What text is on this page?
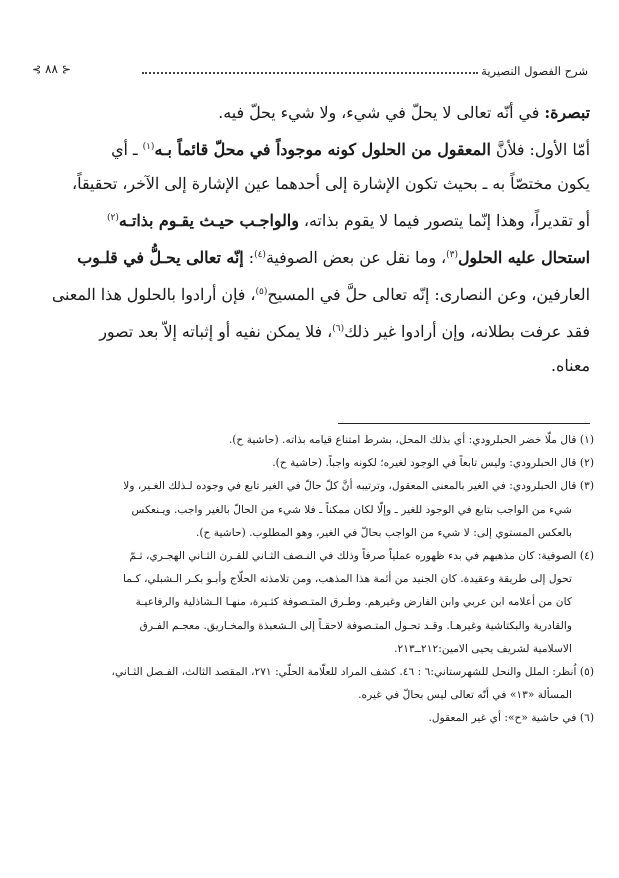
شرح الفصول النصيرية
⊰ ٨٨ ⊱
تبصرة: في أنّه تعالى لا يحلّ في شيء، ولا شيء يحلّ فيه.
أمّا الأول: فلأنَّ المعقول من الحلول كونه موجوداً في محلّ قائماً بـه$^{(١)}$ ـ أي
يكون مختصّاً به ـ بحيث تكون الإشارة إلى أحدهما عين الإشارة إلى الآخر، تحقيقاً،
أو تقديراً، وهذا إنّما يتصور فيما لا يقوم بذاته، والواجـب حيـث يقـوم بذاتـه$^{(٢)}$
استحال عليه الحلول$^{(٣)}$، وما نقل عن بعض الصوفية$^{(٤)}$: إنّه تعالى يحـلُّ في قلـوب
العارفين، وعن النصارى: إنّه تعالى حلَّ في المسيح$^{(٥)}$، فإن أرادوا بالحلول هذا المعنى
فقد عرفت بطلانه، وإن أرادوا غير ذلك$^{(٦)}$، فلا يمكن نفيه أو إثباته إلاّ بعد تصور
معناه.
(١) قال ملّا خضر الحبلرودي: أي بذلك المحل، بشرط امتناع قيامه بذاته. (حاشية ح).
(٢) قال الحبلرودي: وليس تابعاً في الوجود لغيره؛ لكونه واجباً. (حاشية ح).
(٣) قال الحبلرودي: في الغير بالمعنى المعقول، وترتيبه أنَّ كلّ حالّ في الغير تابع في وجوده لـذلك الغـير، ولا
شيء من الواجب بتابع في الوجود للغير ـ وإلّا لكان ممكناً ـ فلا شيء من الحالّ بالغير واجب. ويـنعكس
بالعكس المستوي إلى: لا شيء من الواجب بحالّ في الغير، وهو المطلوب. (حاشية ح).
(٤) الصوفية: كان مذهبهم في بدء ظهوره عملياً صرفاً وذلك في النـصف الثـاني للقـرن الثـاني الهجـري، ثـمّ
تحول إلى طريقة وعقيدة. كان الجنيد من أئمة هذا المذهب، ومن تلامذته الحلّاج وأبـو بكـر الـشبلي، كـما
كان من أعلامه ابن عربي وابن الفارض وغيرهم. وطـرق المتـصوفة كثـيرة، منهـا الـشاذلية والرفاعيـة
والقادرية والبكتاشية وغيرهـا. وقـد تحـول المتـصوفة لاحقـاً إلى الـشعبذة والمخـاريق. معجـم الفـرق
الاسلامية لشريف يحيى الامين:٢١٢ــ٢١٣.
(٥) اُنظر: الملل والنحل للشهرستاني:٦ : ٤٦. كشف المراد للعلّامة الحلّي: ٢٧١، المقصد الثالث، الفـصل الثـاني،
المسألة «١٣» في أنّه تعالى ليس بحالّ في غيره.
(٦) في حاشية «ح»: أي غير المعقول.
